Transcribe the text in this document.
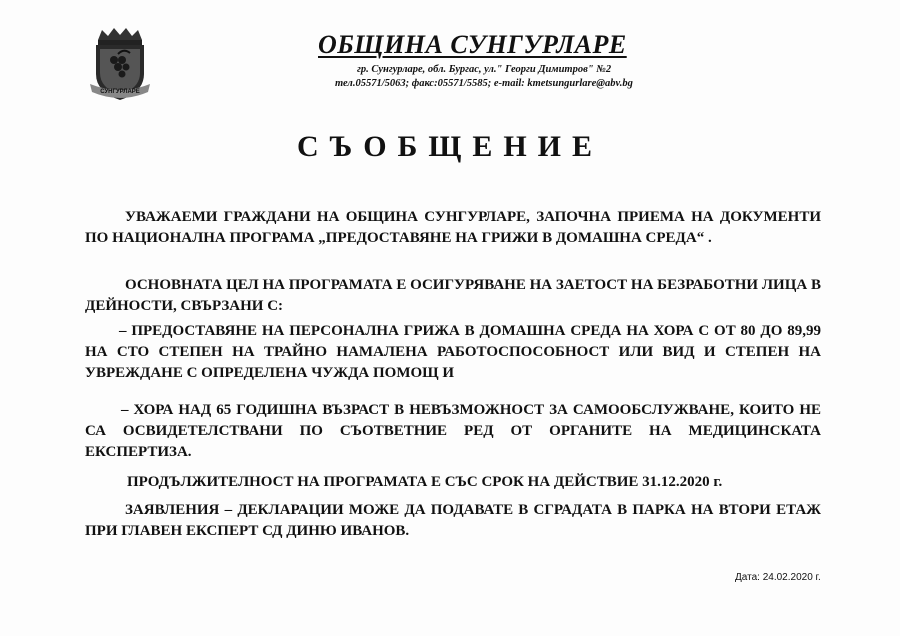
СУНГУРЛАРЕ
ОБЩИНА СУНГУРЛАРЕ
гр. Сунгурларе, обл. Бургас, ул." Георги Димитров" №2
тел.05571/5063; факс:05571/5585; e-mail: kmetsungurlare@abv.bg
СЪОБЩЕНИЕ
УВАЖАЕМИ ГРАЖДАНИ НА ОБЩИНА СУНГУРЛАРЕ, ЗАПОЧНА ПРИЕМА НА ДОКУМЕНТИ ПО НАЦИОНАЛНА ПРОГРАМА „ПРЕДОСТАВЯНЕ НА ГРИЖИ В ДОМАШНА СРЕДА“ .
ОСНОВНАТА ЦЕЛ НА ПРОГРАМАТА Е ОСИГУРЯВАНЕ НА ЗАЕТОСТ НА БЕЗРАБОТНИ ЛИЦА В ДЕЙНОСТИ, СВЪРЗАНИ С:
– ПРЕДОСТАВЯНЕ НА ПЕРСОНАЛНА ГРИЖА В ДОМАШНА СРЕДА НА ХОРА С ОТ 80 ДО 89,99 НА СТО СТЕПЕН НА ТРАЙНО НАМАЛЕНА РАБОТОСПОСОБНОСТ ИЛИ ВИД И СТЕПЕН НА УВРЕЖДАНЕ С ОПРЕДЕЛЕНА ЧУЖДА ПОМОЩ И
– ХОРА НАД 65 ГОДИШНА ВЪЗРАСТ В НЕВЪЗМОЖНОСТ ЗА САМООБСЛУЖВАНЕ, КОИТО НЕ СА ОСВИДЕТЕЛСТВАНИ ПО СЪОТВЕТНИЕ РЕД ОТ ОРГАНИТЕ НА МЕДИЦИНСКАТА ЕКСПЕРТИЗА.
ПРОДЪЛЖИТЕЛНОСТ НА ПРОГРАМАТА Е СЪС СРОК НА ДЕЙСТВИЕ 31.12.2020 г.
ЗАЯВЛЕНИЯ – ДЕКЛАРАЦИИ МОЖЕ ДА ПОДАВАТЕ В СГРАДАТА В ПАРКА НА ВТОРИ ЕТАЖ ПРИ ГЛАВЕН ЕКСПЕРТ СД ДИНЮ ИВАНОВ.
Дата: 24.02.2020 г.
